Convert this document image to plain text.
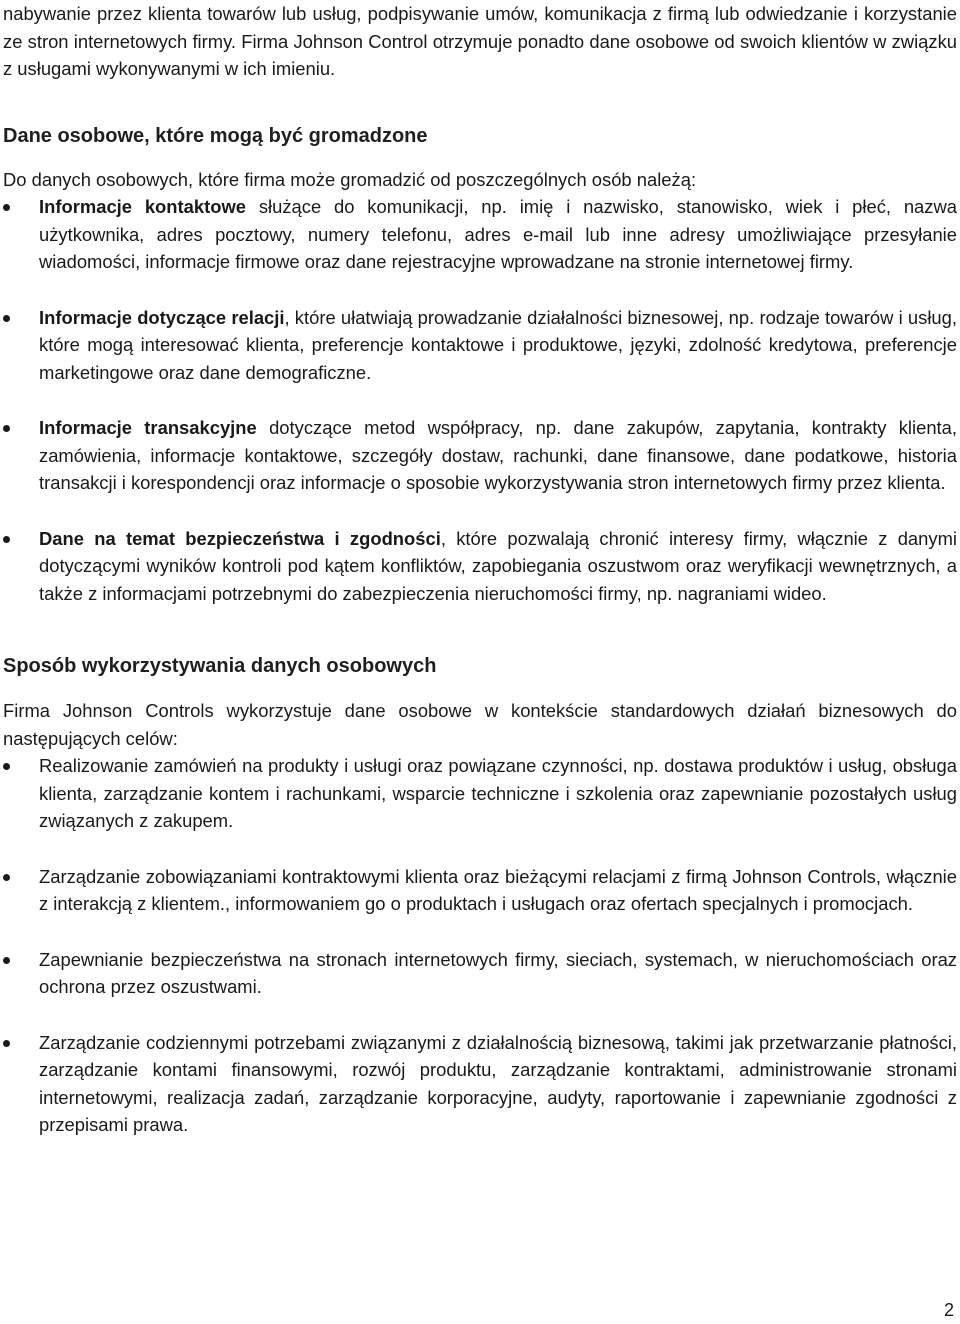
nabywanie przez klienta towarów lub usług, podpisywanie umów, komunikacja z firmą lub odwiedzanie i korzystanie ze stron internetowych firmy. Firma Johnson Control otrzymuje ponadto dane osobowe od swoich klientów w związku z usługami wykonywanymi w ich imieniu.

Dane osobowe, które mogą być gromadzone

Do danych osobowych, które firma może gromadzić od poszczególnych osób należą:

Informacje kontaktowe służące do komunikacji, np. imię i nazwisko, stanowisko, wiek i płeć, nazwa użytkownika, adres pocztowy, numery telefonu, adres e-mail lub inne adresy umożliwiające przesyłanie wiadomości, informacje firmowe oraz dane rejestracyjne wprowadzane na stronie internetowej firmy.
Informacje dotyczące relacji, które ułatwiają prowadzanie działalności biznesowej, np. rodzaje towarów i usług, które mogą interesować klienta, preferencje kontaktowe i produktowe, języki, zdolność kredytowa, preferencje marketingowe oraz dane demograficzne.
Informacje transakcyjne dotyczące metod współpracy, np. dane zakupów, zapytania, kontrakty klienta, zamówienia, informacje kontaktowe, szczegóły dostaw, rachunki, dane finansowe, dane podatkowe, historia transakcji i korespondencji oraz informacje o sposobie wykorzystywania stron internetowych firmy przez klienta.
Dane na temat bezpieczeństwa i zgodności, które pozwalają chronić interesy firmy, włącznie z danymi dotyczącymi wyników kontroli pod kątem konfliktów, zapobiegania oszustwom oraz weryfikacji wewnętrznych, a także z informacjami potrzebnymi do zabezpieczenia nieruchomości firmy, np. nagraniami wideo.
Sposób wykorzystywania danych osobowych

Firma Johnson Controls wykorzystuje dane osobowe w kontekście standardowych działań biznesowych do następujących celów:

Realizowanie zamówień na produkty i usługi oraz powiązane czynności, np. dostawa produktów i usług, obsługa klienta, zarządzanie kontem i rachunkami, wsparcie techniczne i szkolenia oraz zapewnianie pozostałych usług związanych z zakupem.
Zarządzanie zobowiązaniami kontraktowymi klienta oraz bieżącymi relacjami z firmą Johnson Controls, włącznie z interakcją z klientem., informowaniem go o produktach i usługach oraz ofertach specjalnych i promocjach.
Zapewnianie bezpieczeństwa na stronach internetowych firmy, sieciach, systemach, w nieruchomościach oraz ochrona przez oszustwami.
Zarządzanie codziennymi potrzebami związanymi z działalnością biznesową, takimi jak przetwarzanie płatności, zarządzanie kontami finansowymi, rozwój produktu, zarządzanie kontraktami, administrowanie stronami internetowymi, realizacja zadań, zarządzanie korporacyjne, audyty, raportowanie i zapewnianie zgodności z przepisami prawa.
2
